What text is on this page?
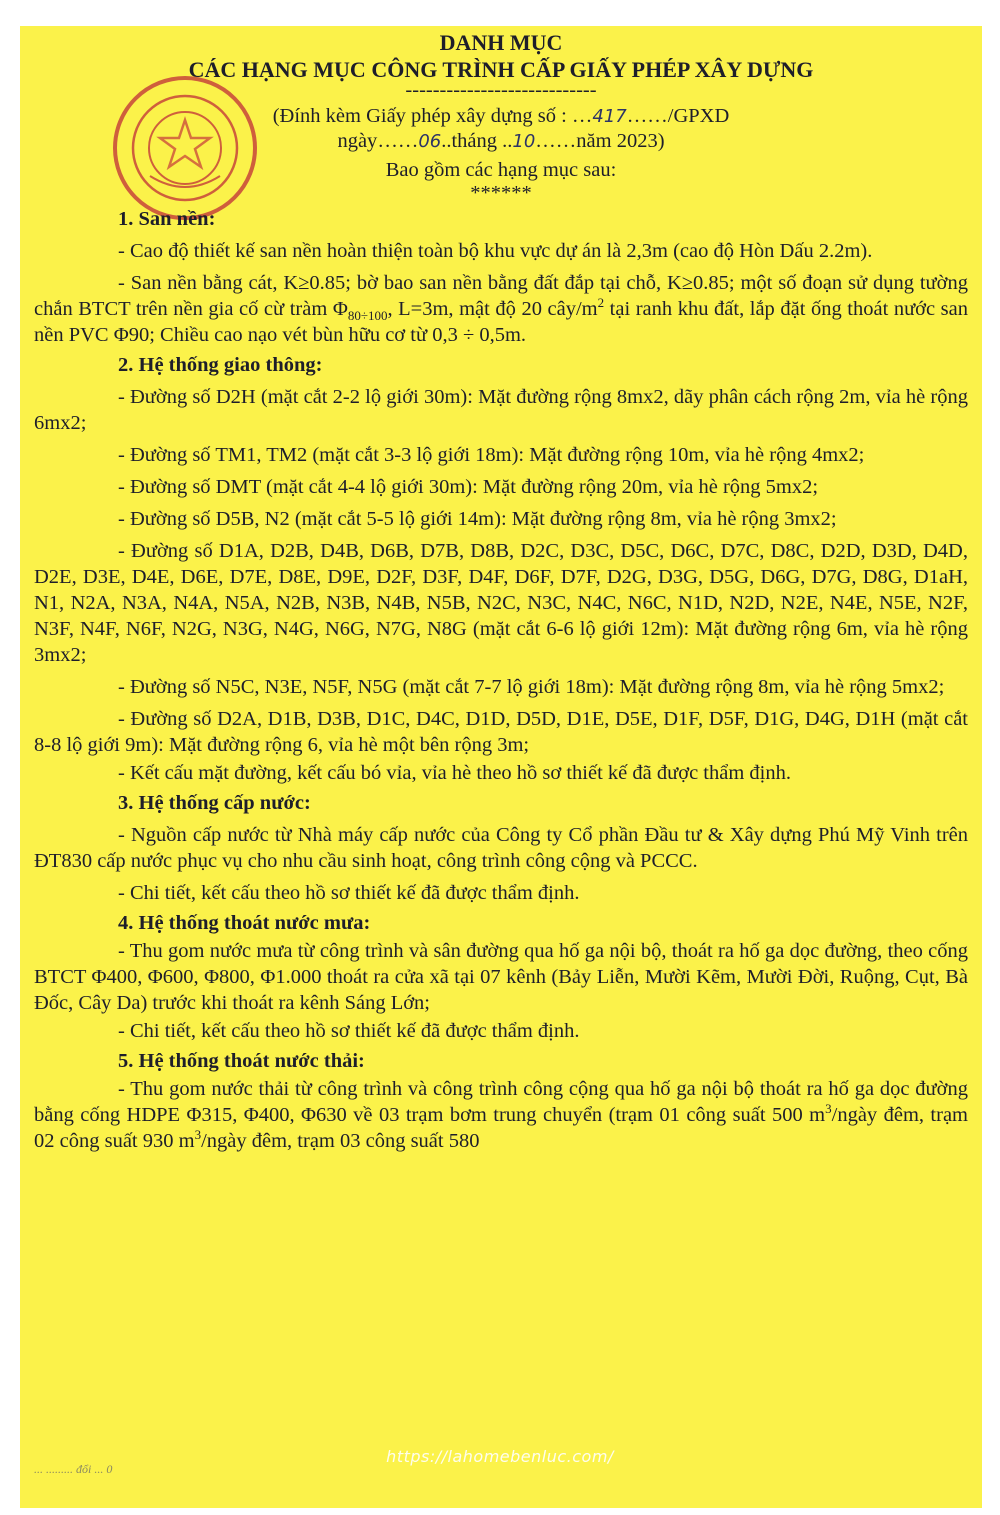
DANH MỤC
CÁC HẠNG MỤC CÔNG TRÌNH CẤP GIẤY PHÉP XÂY DỰNG
----------------------------
(Đính kèm Giấy phép xây dựng số : …417……/GPXD
ngày……06..tháng ..10……năm 2023)
Bao gồm các hạng mục sau:
******
1. San nền:
- Cao độ thiết kế san nền hoàn thiện toàn bộ khu vực dự án là 2,3m (cao độ Hòn Dấu 2.2m).
- San nền bằng cát, K≥0.85; bờ bao san nền bằng đất đắp tại chỗ, K≥0.85; một số đoạn sử dụng tường chắn BTCT trên nền gia cố cừ tràm $\Phi_{80\div 100}$, L=3m, mật độ 20 cây/$m^2$ tại ranh khu đất, lắp đặt ống thoát nước san nền PVC Φ90; Chiều cao nạo vét bùn hữu cơ từ 0,3 ÷ 0,5m.
2. Hệ thống giao thông:
- Đường số D2H (mặt cắt 2-2 lộ giới 30m): Mặt đường rộng 8mx2, dãy phân cách rộng 2m, vỉa hè rộng 6mx2;
- Đường số TM1, TM2 (mặt cắt 3-3 lộ giới 18m): Mặt đường rộng 10m, vỉa hè rộng 4mx2;
- Đường số DMT (mặt cắt 4-4 lộ giới 30m): Mặt đường rộng 20m, vỉa hè rộng 5mx2;
- Đường số D5B, N2 (mặt cắt 5-5 lộ giới 14m): Mặt đường rộng 8m, vỉa hè rộng 3mx2;
- Đường số D1A, D2B, D4B, D6B, D7B, D8B, D2C, D3C, D5C, D6C, D7C, D8C, D2D, D3D, D4D, D2E, D3E, D4E, D6E, D7E, D8E, D9E, D2F, D3F, D4F, D6F, D7F, D2G, D3G, D5G, D6G, D7G, D8G, D1aH, N1, N2A, N3A, N4A, N5A, N2B, N3B, N4B, N5B, N2C, N3C, N4C, N6C, N1D, N2D, N2E, N4E, N5E, N2F, N3F, N4F, N6F, N2G, N3G, N4G, N6G, N7G, N8G (mặt cắt 6-6 lộ giới 12m): Mặt đường rộng 6m, vỉa hè rộng 3mx2;
- Đường số N5C, N3E, N5F, N5G (mặt cắt 7-7 lộ giới 18m): Mặt đường rộng 8m, vỉa hè rộng 5mx2;
- Đường số D2A, D1B, D3B, D1C, D4C, D1D, D5D, D1E, D5E, D1F, D5F, D1G, D4G, D1H (mặt cắt 8-8 lộ giới 9m): Mặt đường rộng 6, vỉa hè một bên rộng 3m;
- Kết cấu mặt đường, kết cấu bó vỉa, vỉa hè theo hồ sơ thiết kế đã được thẩm định.
3. Hệ thống cấp nước:
- Nguồn cấp nước từ Nhà máy cấp nước của Công ty Cổ phần Đầu tư & Xây dựng Phú Mỹ Vinh trên ĐT830 cấp nước phục vụ cho nhu cầu sinh hoạt, công trình công cộng và PCCC.
- Chi tiết, kết cấu theo hồ sơ thiết kế đã được thẩm định.
4. Hệ thống thoát nước mưa:
- Thu gom nước mưa từ công trình và sân đường qua hố ga nội bộ, thoát ra hố ga dọc đường, theo cống BTCT Φ400, Φ600, Φ800, Φ1.000 thoát ra cửa xã tại 07 kênh (Bảy Liễn, Mười Kẽm, Mười Đời, Ruộng, Cụt, Bà Đốc, Cây Da) trước khi thoát ra kênh Sáng Lớn;
- Chi tiết, kết cấu theo hồ sơ thiết kế đã được thẩm định.
5. Hệ thống thoát nước thải:
- Thu gom nước thải từ công trình và công trình công cộng qua hố ga nội bộ thoát ra hố ga dọc đường bằng cống HDPE Φ315, Φ400, Φ630 về 03 trạm bơm trung chuyển (trạm 01 công suất 500 $m^3$/ngày đêm, trạm 02 công suất 930 $m^3$/ngày đêm, trạm 03 công suất 580
... ......... đổi ... 0
https://lahomebenluc.com/
